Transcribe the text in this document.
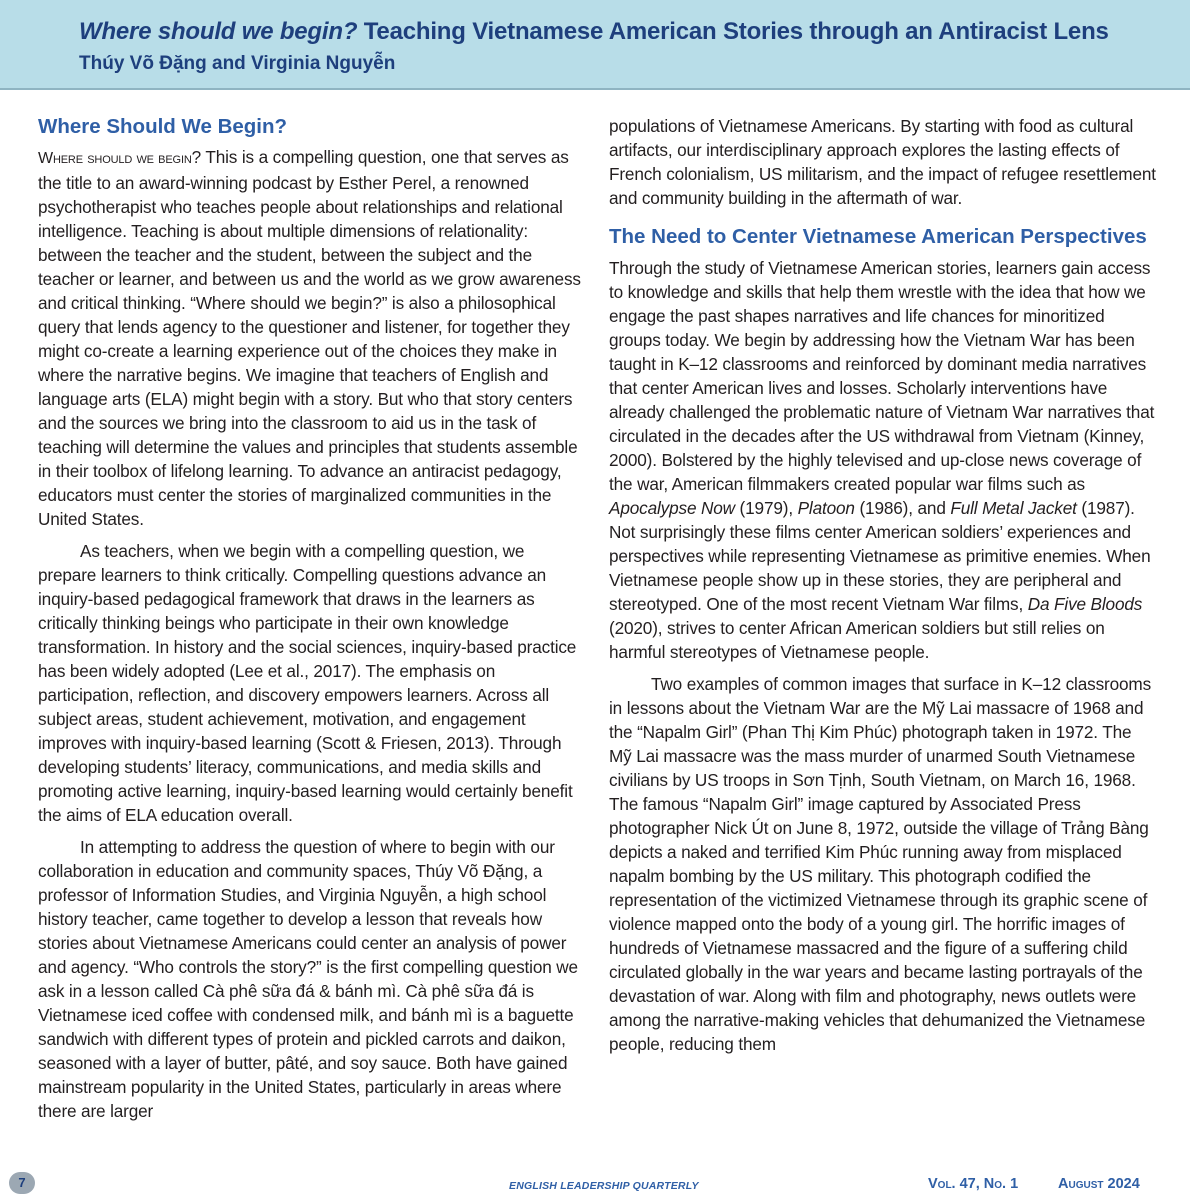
Where should we begin? Teaching Vietnamese American Stories through an Antiracist Lens
Thúy Võ Đặng and Virginia Nguyễn
Where Should We Begin?

Where should we begin? This is a compelling question, one that serves as the title to an award-winning podcast by Esther Perel, a renowned psychotherapist who teaches people about relationships and relational intelligence. Teaching is about multiple dimensions of relationality: between the teacher and the student, between the subject and the teacher or learner, and between us and the world as we grow awareness and critical thinking. “Where should we begin?” is also a philosophical query that lends agency to the questioner and listener, for together they might co-create a learning experience out of the choices they make in where the narrative begins. We imagine that teachers of English and language arts (ELA) might begin with a story. But who that story centers and the sources we bring into the classroom to aid us in the task of teaching will determine the values and principles that students assemble in their toolbox of lifelong learning. To advance an antiracist pedagogy, educators must center the stories of marginalized communities in the United States.

As teachers, when we begin with a compelling question, we prepare learners to think critically. Compelling questions advance an inquiry-based pedagogical framework that draws in the learners as critically thinking beings who participate in their own knowledge transformation. In history and the social sciences, inquiry-based practice has been widely adopted (Lee et al., 2017). The emphasis on participation, reflection, and discovery empowers learners. Across all subject areas, student achievement, motivation, and engagement improves with inquiry-based learning (Scott & Friesen, 2013). Through developing students’ literacy, communications, and media skills and promoting active learning, inquiry-based learning would certainly benefit the aims of ELA education overall.

In attempting to address the question of where to begin with our collaboration in education and community spaces, Thúy Võ Đặng, a professor of Information Studies, and Virginia Nguyễn, a high school history teacher, came together to develop a lesson that reveals how stories about Vietnamese Americans could center an analysis of power and agency. “Who controls the story?” is the first compelling question we ask in a lesson called Cà phê sữa đá & bánh mì. Cà phê sữa đá is Vietnamese iced coffee with condensed milk, and bánh mì is a baguette sandwich with different types of protein and pickled carrots and daikon, seasoned with a layer of butter, pâté, and soy sauce. Both have gained mainstream popularity in the United States, particularly in areas where there are larger

populations of Vietnamese Americans. By starting with food as cultural artifacts, our interdisciplinary approach explores the lasting effects of French colonialism, US militarism, and the impact of refugee resettlement and community building in the aftermath of war.

The Need to Center Vietnamese American Perspectives

Through the study of Vietnamese American stories, learners gain access to knowledge and skills that help them wrestle with the idea that how we engage the past shapes narratives and life chances for minoritized groups today. We begin by addressing how the Vietnam War has been taught in K–12 classrooms and reinforced by dominant media narratives that center American lives and losses. Scholarly interventions have already challenged the problematic nature of Vietnam War narratives that circulated in the decades after the US withdrawal from Vietnam (Kinney, 2000). Bolstered by the highly televised and up-close news coverage of the war, American filmmakers created popular war films such as Apocalypse Now (1979), Platoon (1986), and Full Metal Jacket (1987). Not surprisingly these films center American soldiers’ experiences and perspectives while representing Vietnamese as primitive enemies. When Vietnamese people show up in these stories, they are peripheral and stereotyped. One of the most recent Vietnam War films, Da Five Bloods (2020), strives to center African American soldiers but still relies on harmful stereotypes of Vietnamese people.

Two examples of common images that surface in K–12 classrooms in lessons about the Vietnam War are the Mỹ Lai massacre of 1968 and the “Napalm Girl” (Phan Thị Kim Phúc) photograph taken in 1972. The Mỹ Lai massacre was the mass murder of unarmed South Vietnamese civilians by US troops in Sơn Tịnh, South Vietnam, on March 16, 1968. The famous “Napalm Girl” image captured by Associated Press photographer Nick Út on June 8, 1972, outside the village of Trảng Bàng depicts a naked and terrified Kim Phúc running away from misplaced napalm bombing by the US military. This photograph codified the representation of the victimized Vietnamese through its graphic scene of violence mapped onto the body of a young girl. The horrific images of hundreds of Vietnamese massacred and the figure of a suffering child circulated globally in the war years and became lasting portrayals of the devastation of war. Along with film and photography, news outlets were among the narrative-making vehicles that dehumanized the Vietnamese people, reducing them

7	ENGLISH LEADERSHIP QUARTERLY	Vol. 47, No. 1	August 2024
